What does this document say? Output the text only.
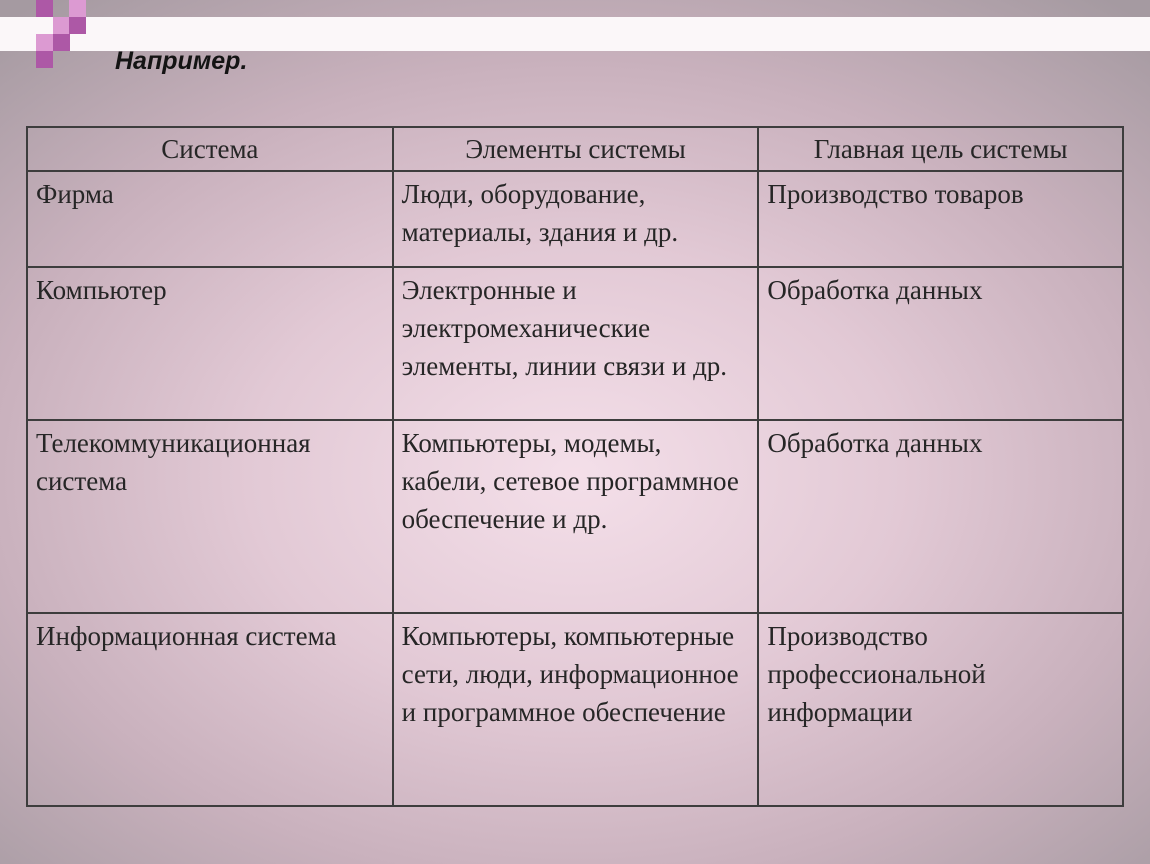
Например.
Система	Элементы системы	Главная цель системы
Фирма	Люди, оборудование, материалы, здания и др.	Производство товаров
Компьютер	Электронные и электромеханические элементы, линии связи и др.	Обработка данных
Телекоммуникационная система	Компьютеры, модемы, кабели, сетевое программное обеспечение и др.	Обработка данных
Информационная система	Компьютеры, компьютерные сети, люди, информационное и программное обеспечение	Производство профессиональной информации
